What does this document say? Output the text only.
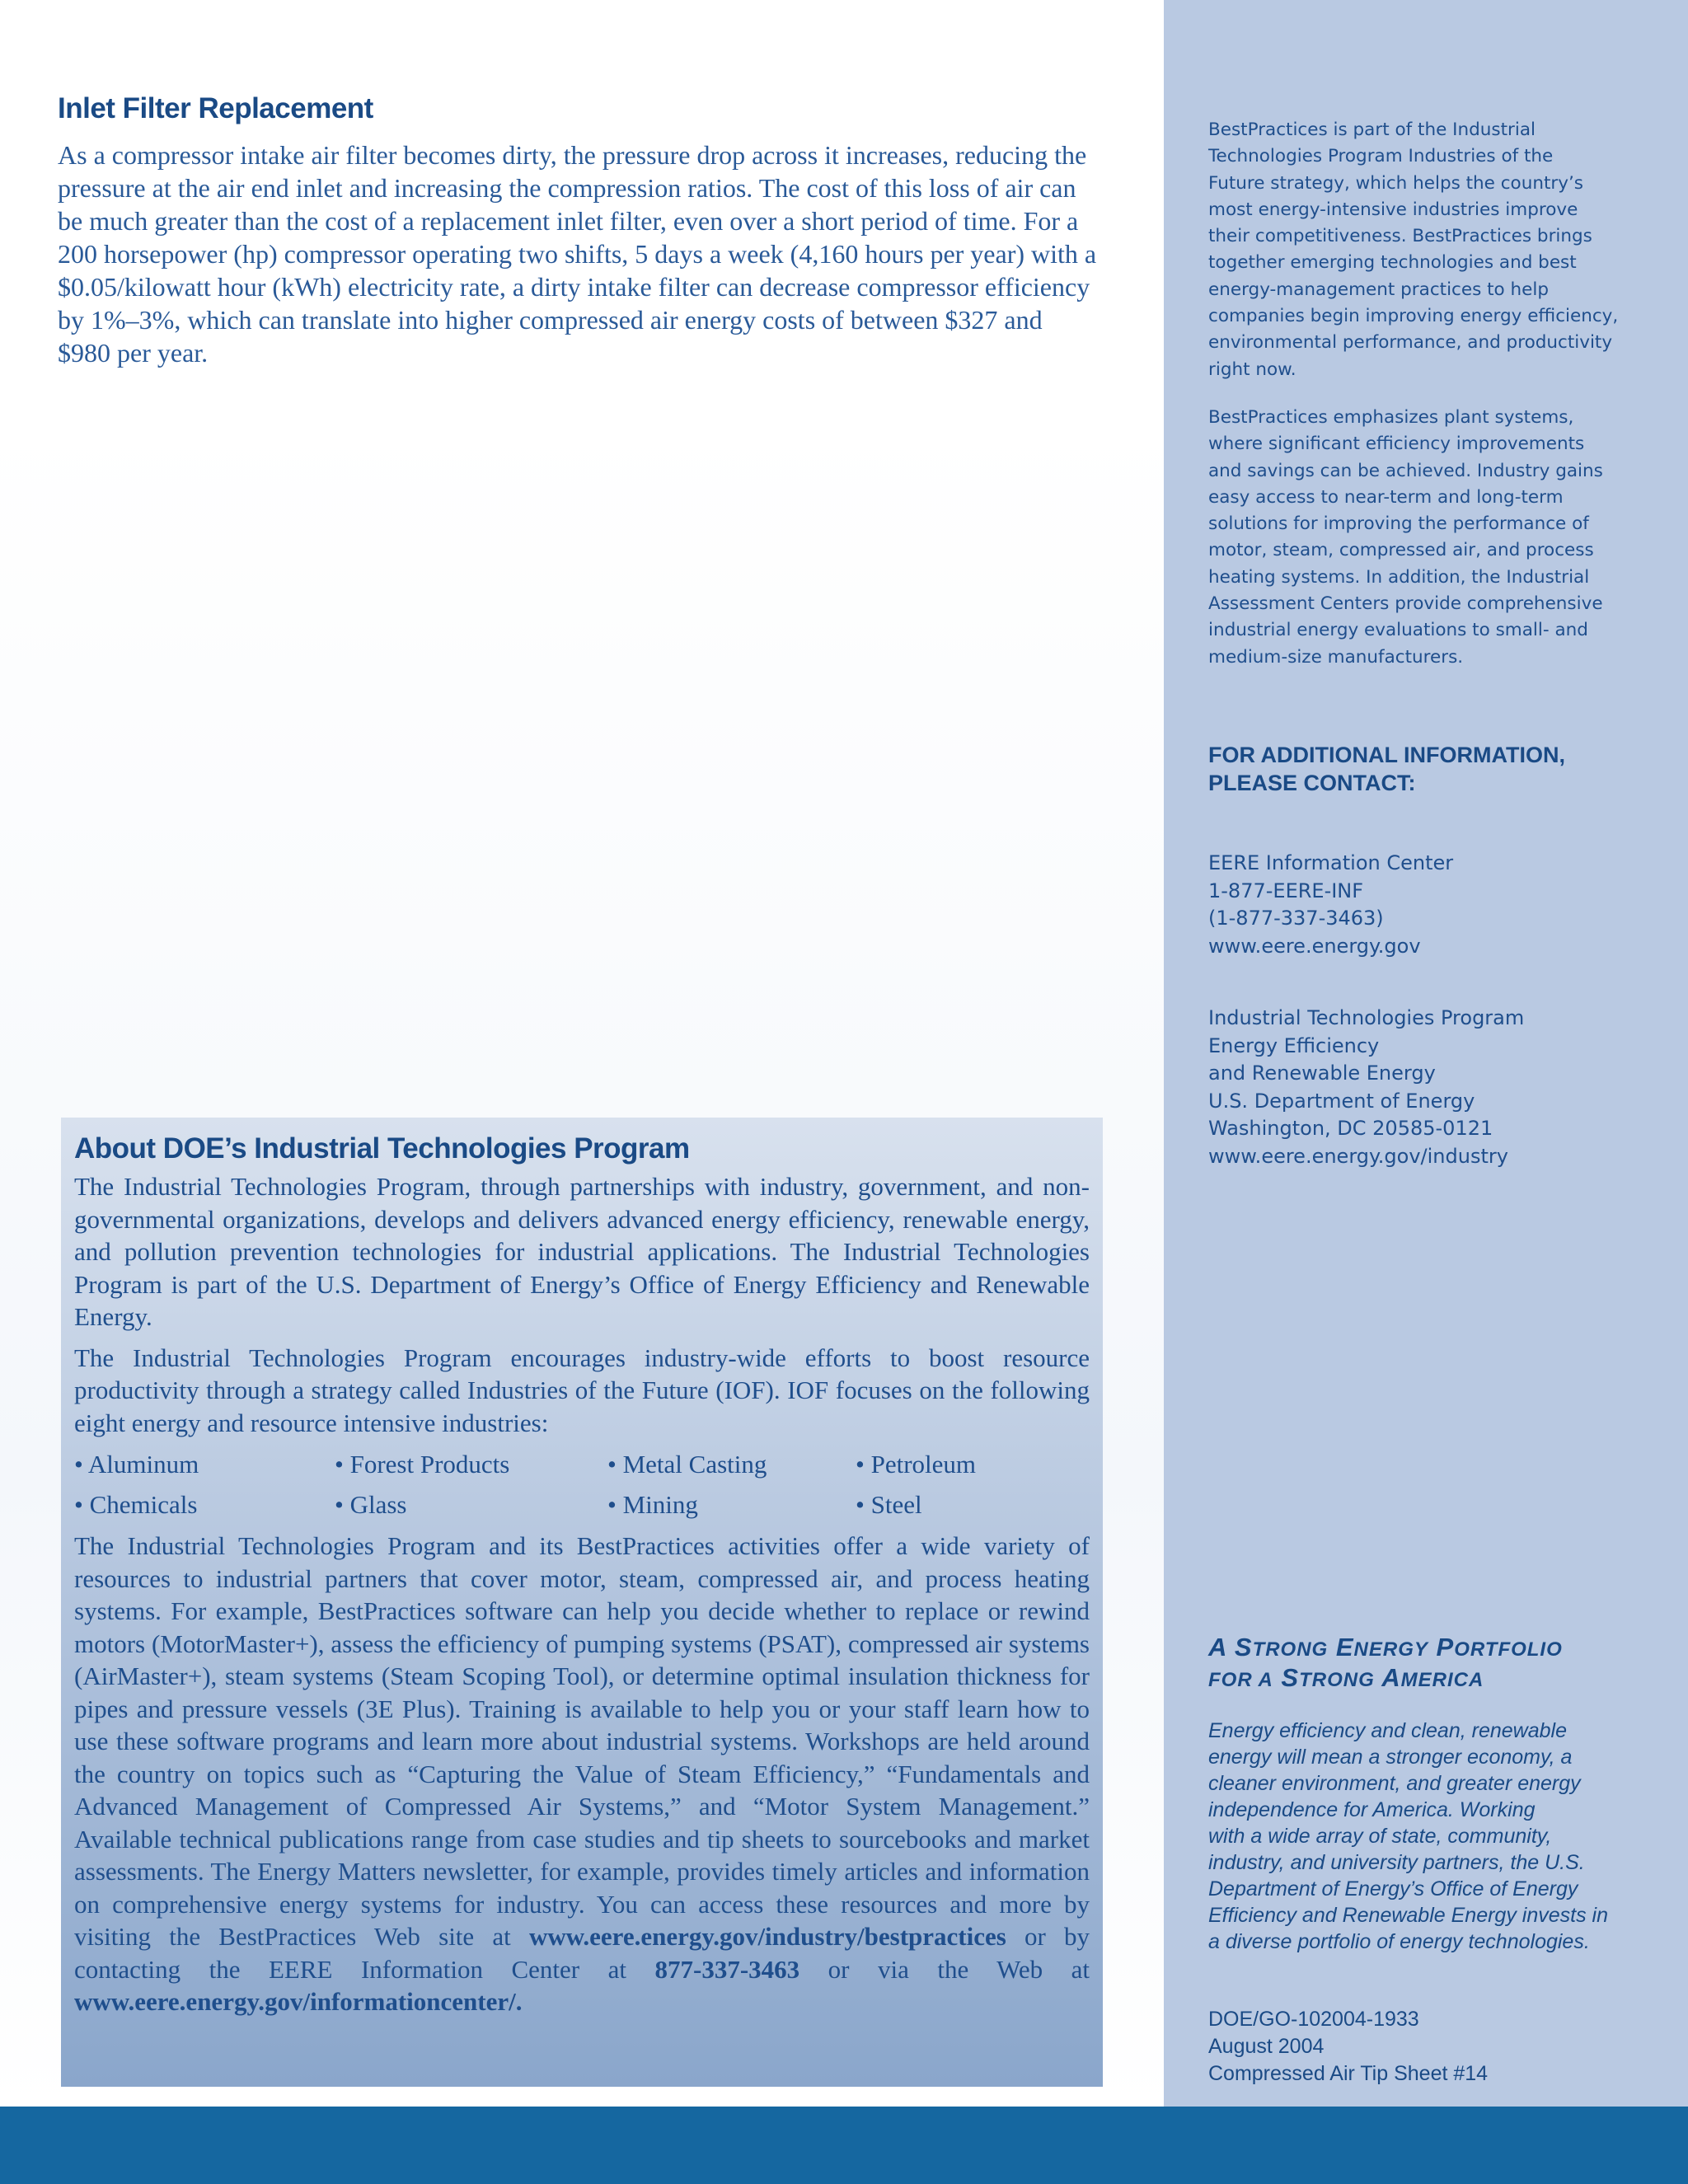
Inlet Filter Replacement

As a compressor intake air filter becomes dirty, the pressure drop across it increases, reducing the pressure at the air end inlet and increasing the compression ratios. The cost of this loss of air can be much greater than the cost of a replacement inlet filter, even over a short period of time. For a 200 horsepower (hp) compressor operating two shifts, 5 days a week (4,160 hours per year) with a $0.05/kilowatt hour (kWh) electricity rate, a dirty intake filter can decrease compressor efficiency by 1%–3%, which can translate into higher compressed air energy costs of between $327 and $980 per year.

About DOE’s Industrial Technologies Program

The Industrial Technologies Program, through partnerships with industry, government, and non-governmental organizations, develops and delivers advanced energy efficiency, renewable energy, and pollution prevention technologies for industrial applications. The Industrial Technologies Program is part of the U.S. Department of Energy’s Office of Energy Efficiency and Renewable Energy.

The Industrial Technologies Program encourages industry-wide efforts to boost resource productivity through a strategy called Industries of the Future (IOF). IOF focuses on the following eight energy and resource intensive industries:

• Aluminum	• Forest Products	• Metal Casting	• Petroleum
• Chemicals	• Glass	• Mining	• Steel

The Industrial Technologies Program and its BestPractices activities offer a wide variety of resources to industrial partners that cover motor, steam, compressed air, and process heating systems. For example, BestPractices software can help you decide whether to replace or rewind motors (MotorMaster+), assess the efficiency of pumping systems (PSAT), compressed air systems (AirMaster+), steam systems (Steam Scoping Tool), or determine optimal insulation thickness for pipes and pressure vessels (3E Plus). Training is available to help you or your staff learn how to use these software programs and learn more about industrial systems. Workshops are held around the country on topics such as “Capturing the Value of Steam Efficiency,” “Fundamentals and Advanced Management of Compressed Air Systems,” and “Motor System Management.” Available technical publications range from case studies and tip sheets to sourcebooks and market assessments. The Energy Matters newsletter, for example, provides timely articles and information on comprehensive energy systems for industry. You can access these resources and more by visiting the BestPractices Web site at www.eere.energy.gov/industry/bestpractices or by contacting the EERE Information Center at 877-337-3463 or via the Web at www.eere.energy.gov/informationcenter/.

BestPractices is part of the Industrial
Technologies Program Industries of the
Future strategy, which helps the country’s
most energy-intensive industries improve
their competitiveness. BestPractices brings
together emerging technologies and best
energy-management practices to help
companies begin improving energy efficiency,
environmental performance, and productivity
right now.
BestPractices emphasizes plant systems,
where significant efficiency improvements
and savings can be achieved. Industry gains
easy access to near-term and long-term
solutions for improving the performance of
motor, steam, compressed air, and process
heating systems. In addition, the Industrial
Assessment Centers provide comprehensive
industrial energy evaluations to small- and
medium-size manufacturers.
FOR ADDITIONAL INFORMATION,
PLEASE CONTACT:
EERE Information Center
1-877-EERE-INF
(1-877-337-3463)
www.eere.energy.gov
Industrial Technologies Program
Energy Efficiency
and Renewable Energy
U.S. Department of Energy
Washington, DC 20585-0121
www.eere.energy.gov/industry
A STRONG ENERGY PORTFOLIO
FOR A STRONG AMERICA
Energy efficiency and clean, renewable
energy will mean a stronger economy, a
cleaner environment, and greater energy
independence for America. Working
with a wide array of state, community,
industry, and university partners, the U.S.
Department of Energy’s Office of Energy
Efficiency and Renewable Energy invests in
a diverse portfolio of energy technologies.
DOE/GO-102004-1933
August 2004
Compressed Air Tip Sheet #14
